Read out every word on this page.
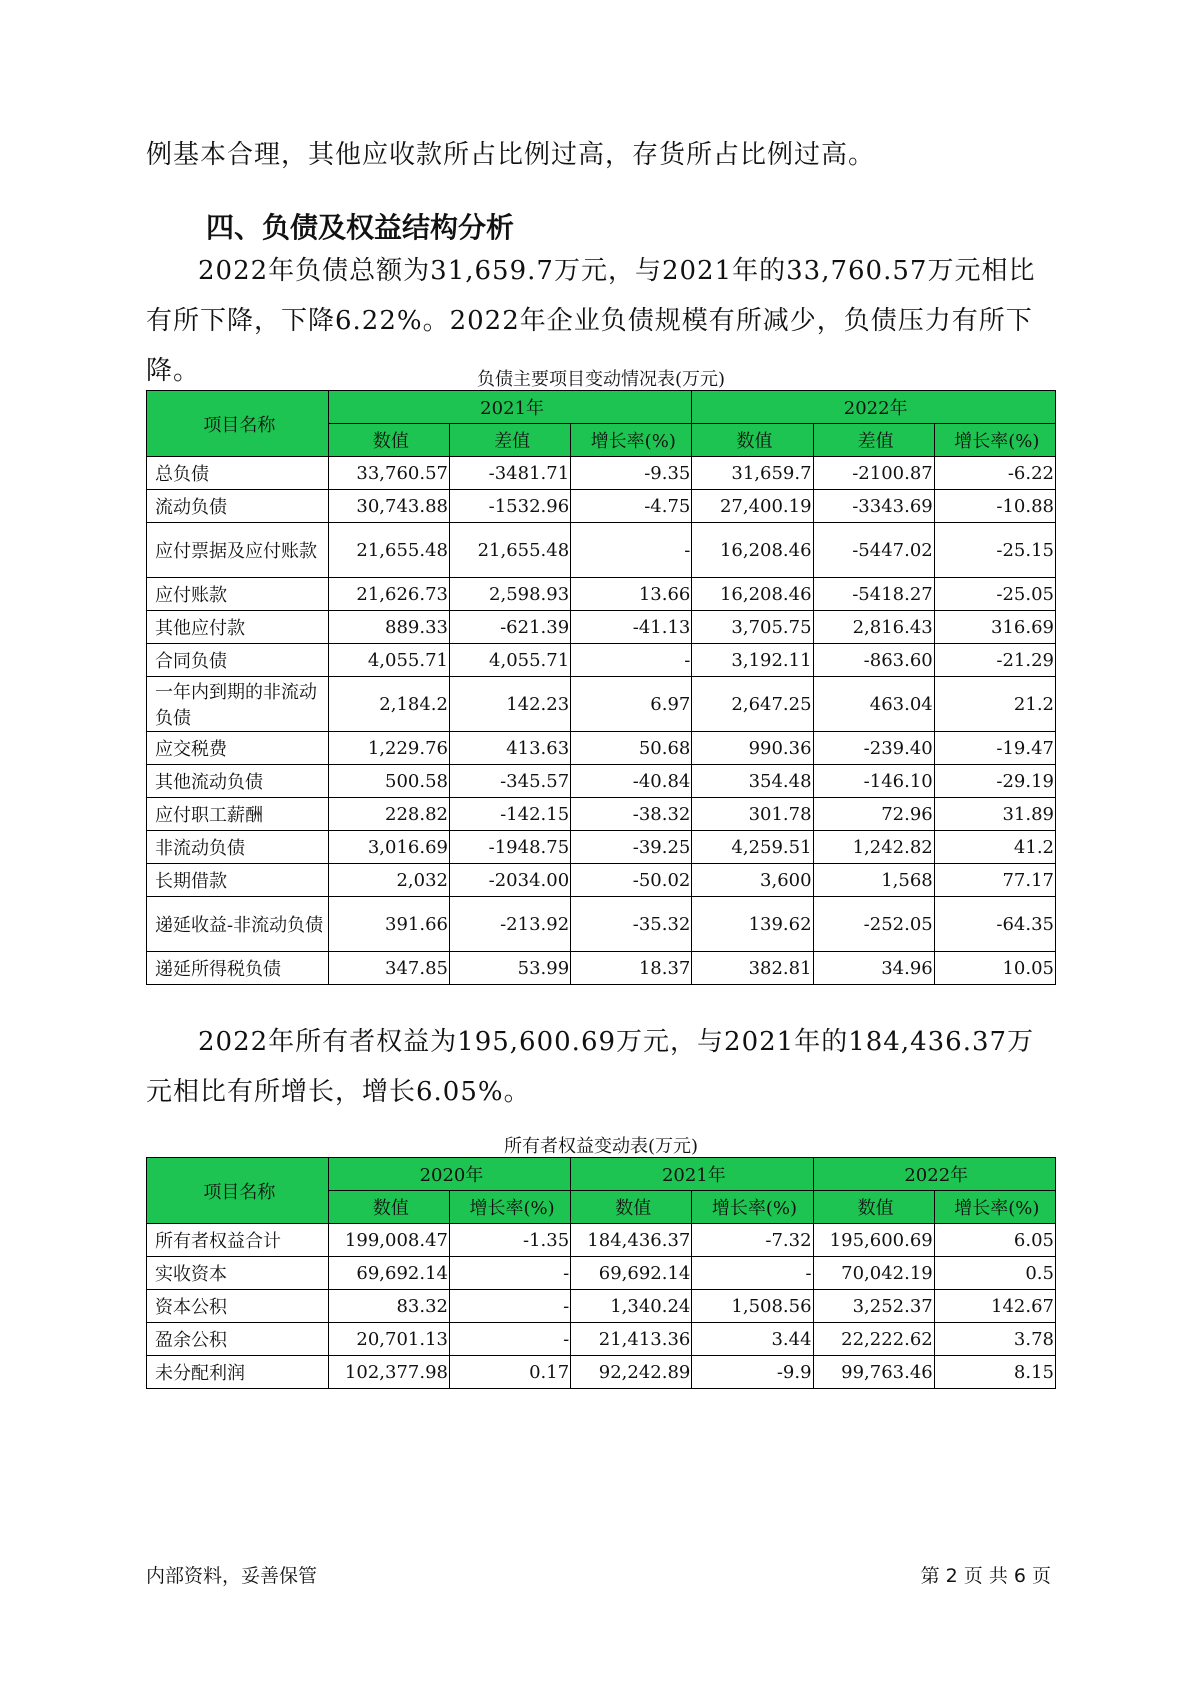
例基本合理，其他应收款所占比例过高，存货所占比例过高。

四、负债及权益结构分析

2022年负债总额为31,659.7万元，与2021年的33,760.57万元相比有所下降，下降6.22%。2022年企业负债规模有所减少，负债压力有所下降。	负债主要项目变动情况表(万元)

项目名称	2021年			2022年		
	数值	差值	增长率(%)	数值	差值	增长率(%)
总负债	33,760.57	-3481.71	-9.35	31,659.7	-2100.87	-6.22
流动负债	30,743.88	-1532.96	-4.75	27,400.19	-3343.69	-10.88
应付票据及应付账款	21,655.48	21,655.48	-	16,208.46	-5447.02	-25.15
应付账款	21,626.73	2,598.93	13.66	16,208.46	-5418.27	-25.05
其他应付款	889.33	-621.39	-41.13	3,705.75	2,816.43	316.69
合同负债	4,055.71	4,055.71	-	3,192.11	-863.60	-21.29
一年内到期的非流动负债	2,184.2	142.23	6.97	2,647.25	463.04	21.2
应交税费	1,229.76	413.63	50.68	990.36	-239.40	-19.47
其他流动负债	500.58	-345.57	-40.84	354.48	-146.10	-29.19
应付职工薪酬	228.82	-142.15	-38.32	301.78	72.96	31.89
非流动负债	3,016.69	-1948.75	-39.25	4,259.51	1,242.82	41.2
长期借款	2,032	-2034.00	-50.02	3,600	1,568	77.17
递延收益-非流动负债	391.66	-213.92	-35.32	139.62	-252.05	-64.35
递延所得税负债	347.85	53.99	18.37	382.81	34.96	10.05

2022年所有者权益为195,600.69万元，与2021年的184,436.37万元相比有所增长，增长6.05%。

所有者权益变动表(万元)

项目名称	2020年		2021年		2022年	
	数值	增长率(%)	数值	增长率(%)	数值	增长率(%)
所有者权益合计	199,008.47	-1.35	184,436.37	-7.32	195,600.69	6.05
实收资本	69,692.14	-	69,692.14	-	70,042.19	0.5
资本公积	83.32	-	1,340.24	1,508.56	3,252.37	142.67
盈余公积	20,701.13	-	21,413.36	3.44	22,222.62	3.78
未分配利润	102,377.98	0.17	92,242.89	-9.9	99,763.46	8.15

内部资料，妥善保管	第 2 页 共 6 页
